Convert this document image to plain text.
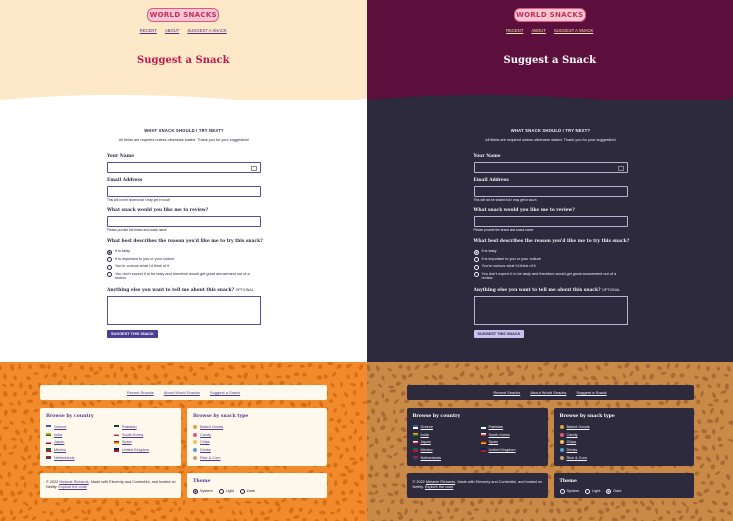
WORLD SNACKS
RECENT ABOUT SUGGEST A SNACK
Suggest a Snack
WHAT SNACK SHOULD I TRY NEXT?
All fields are required unless otherwise stated. Thank you for your suggestion!
Your Name
Email Address
This will not be shared but I may get in touch
What snack would you like me to review?
Please provide the brand and snack name
What best describes the reason you'd like me to try this snack?
It is tasty
It is important to you or your culture
You're curious what I'd think of it
You don't expect it to be tasty and therefore would get great amusement out of a review
Anything else you want to tell me about this snack? OPTIONAL
SUGGEST THIS SNACK
Recent Snacks	About World Snacks	Suggest a Snack
Browse by country
Greece
India
Japan
Mexico
Netherlands
Pakistan
South Korea
Spain
United Kingdom
Browse by snack type
Baked Goods
Candy
Chips
Drinks
Rice & Corn
© 2022 Melanie Richards. Made with Eleventy and Contentful, and hosted on Netlify. Explore the code
Theme
System	Light	Dark
WORLD SNACKS
RECENT ABOUT SUGGEST A SNACK
Suggest a Snack
WHAT SNACK SHOULD I TRY NEXT?
All fields are required unless otherwise stated. Thank you for your suggestion!
Your Name
Email Address
This will not be shared but I may get in touch
What snack would you like me to review?
Please provide the brand and snack name
What best describes the reason you'd like me to try this snack?
It is tasty
It is important to you or your culture
You're curious what I'd think of it
You don't expect it to be tasty and therefore would get great amusement out of a review
Anything else you want to tell me about this snack? OPTIONAL
SUGGEST THIS SNACK
Recent Snacks	About World Snacks	Suggest a Snack
Browse by country
Greece
India
Japan
Mexico
Netherlands
Pakistan
South Korea
Spain
United Kingdom
Browse by snack type
Baked Goods
Candy
Chips
Drinks
Rice & Corn
© 2022 Melanie Richards. Made with Eleventy and Contentful, and hosted on Netlify. Explore the code
Theme
System	Light	Dark
